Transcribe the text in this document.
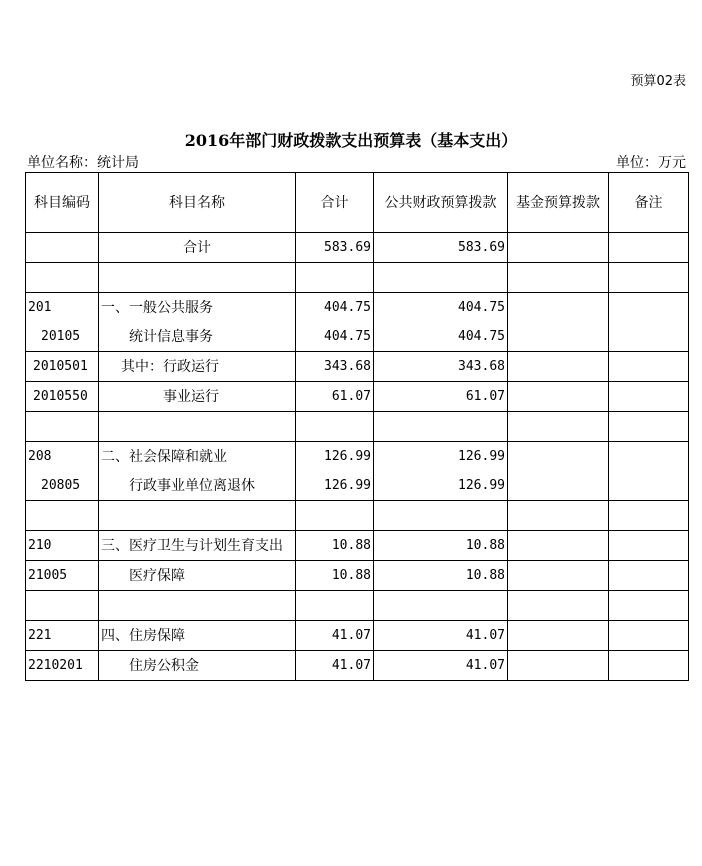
预算02表
2016年部门财政拨款支出预算表（基本支出）
单位名称：统计局	单位：万元
科目编码	科目名称	合计	公共财政预算拨款	基金预算拨款	备注
	合计	583.69	583.69		

201	一、一般公共服务	404.75	404.75		
20105	统计信息事务	404.75	404.75		
2010501	其中：行政运行	343.68	343.68		
2010550	事业运行	61.07	61.07		

208	二、社会保障和就业	126.99	126.99		
20805	行政事业单位离退休	126.99	126.99		

210	三、医疗卫生与计划生育支出	10.88	10.88		
21005	医疗保障	10.88	10.88		

221	四、住房保障	41.07	41.07		
2210201	住房公积金	41.07	41.07		
